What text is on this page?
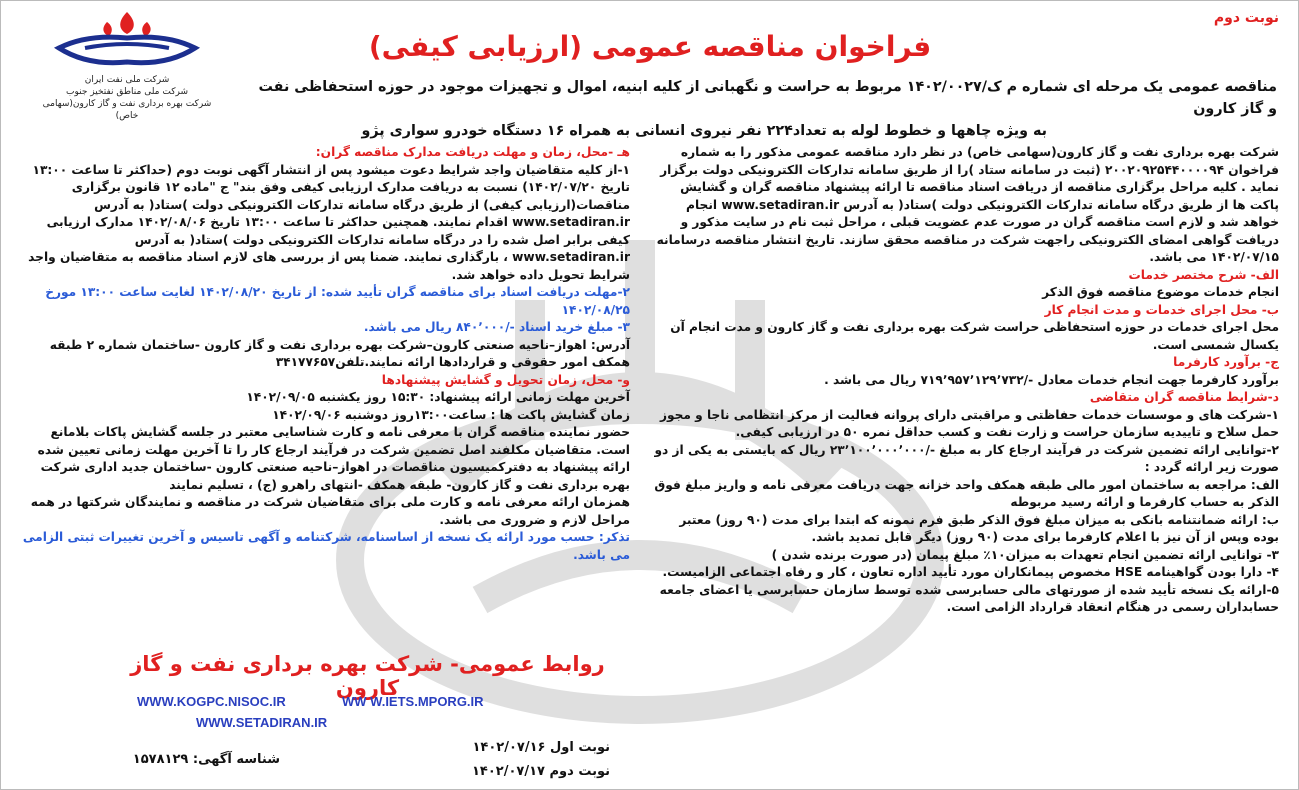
نوبت دوم
فراخوان مناقصه عمومی (ارزیابی کیفی)
شرکت ملی نفت ایران
شرکت ملی مناطق نفتخیز جنوب
شرکت بهره برداری نفت و گاز کارون(سهامی خاص)
مناقصه عمومی یک مرحله ای شماره م ک/۱۴۰۲/۰۰۲۷ مربوط به حراست و نگهبانی از کلیه ابنیه، اموال و تجهیزات موجود در حوزه استحفاظی نفت و گاز کارون
به ویژه چاهها و خطوط لوله به تعداد۲۲۴ نفر نیروی انسانی به همراه ۱۶ دستگاه خودرو سواری پژو

شرکت بهره برداری نفت و گاز کارون(سهامی خاص) در نظر دارد مناقصه عمومی مذکور را به شماره فراخوان ۲۰۰۲۰۹۲۵۴۴۰۰۰۰۹۴ (ثبت در سامانه ستاد )را از طریق سامانه تدارکات الکترونیکی دولت برگزار نماید . کلیه مراحل برگزاری مناقصه از دریافت اسناد مناقصه تا ارائه پیشنهاد مناقصه گران و گشایش پاکت ها از طریق درگاه سامانه تدارکات الکترونیکی دولت )ستاد( به آدرس www.setadiran.ir انجام خواهد شد و لازم است مناقصه گران در صورت عدم عضویت قبلی ، مراحل ثبت نام در سایت مذکور و دریافت گواهی امضای الکترونیکی راجهت شرکت در مناقصه محقق سازند. تاریخ انتشار مناقصه درسامانه ۱۴۰۲/۰۷/۱۵ می باشد.

الف- شرح مختصر خدمات

انجام خدمات موضوع مناقصه فوق الذکر

ب- محل اجرای خدمات و مدت انجام کار

محل اجرای خدمات در حوزه استحفاظی حراست شرکت بهره برداری نفت و گاز کارون و مدت انجام آن یکسال شمسی است.

ج- برآورد کارفرما

برآورد کارفرما جهت انجام خدمات معادل -/۷۱۹٬۹۵۷٬۱۲۹٬۷۳۲ ریال می باشد .

د-شرایط مناقصه گران متقاضی

۱-شرکت های و موسسات خدمات حفاظتی و مراقبتی دارای پروانه فعالیت از مرکز انتظامی ناجا و مجوز حمل سلاح و تاییدیه سازمان حراست و زارت نفت و کسب حداقل نمره ۵۰ در ارزیابی کیفی.

۲-توانایی ارائه تضمین شرکت در فرآیند ارجاع کار به مبلغ -/۲۳٬۱۰۰٬۰۰۰٬۰۰۰ ریال که بایستی به یکی از دو صورت زیر ارائه گردد :

الف: مراجعه به ساختمان امور مالی طبقه همکف واحد خزانه جهت دریافت معرفی نامه و واریز مبلغ فوق الذکر به حساب کارفرما و ارائه رسید مربوطه

ب: ارائه ضمانتنامه بانکی به میزان مبلغ فوق الذکر طبق فرم نمونه که ابتدا برای مدت (۹۰ روز) معتبر بوده وپس از آن نیز با اعلام کارفرما برای مدت (۹۰ روز) دیگر قابل تمدید باشد.

۳- توانایی ارائه تضمین انجام تعهدات به میزان۱۰٪ مبلغ پیمان (در صورت برنده شدن )

۴- دارا بودن گواهینامه HSE مخصوص پیمانکاران مورد تأیید اداره تعاون ، کار و رفاه اجتماعی الزامیست.

۵-ارائه یک نسخه تأیید شده از صورتهای مالی حسابرسی شده توسط سازمان حسابرسی یا اعضای جامعه حسابداران رسمی در هنگام انعقاد قرارداد الزامی است.

هـ -محل، زمان و مهلت دریافت مدارک مناقصه گران:

۱-از کلیه متقاضیان واجد شرایط دعوت میشود پس از انتشار آگهی نوبت دوم (حداکثر تا ساعت ۱۳:۰۰ تاریخ ۱۴۰۲/۰۷/۲۰) نسبت به دریافت مدارک ارزیابی کیفی وفق بند" ج "ماده ۱۲ قانون برگزاری مناقصات(ارزیابی کیفی) از طریق درگاه سامانه تدارکات الکترونیکی دولت )ستاد( به آدرس www.setadiran.ir اقدام نمایند. همچنین حداکثر تا ساعت ۱۳:۰۰ تاریخ ۱۴۰۲/۰۸/۰۶ مدارک ارزیابی کیفی برابر اصل شده را در درگاه سامانه تدارکات الکترونیکی دولت )ستاد( به آدرس www.setadiran.ir ، بارگذاری نمایند. ضمنا پس از بررسی های لازم اسناد مناقصه به متقاضیان واجد شرایط تحویل داده خواهد شد.

۲-مهلت دریافت اسناد برای مناقصه گران تأیید شده: از تاریخ ۱۴۰۲/۰۸/۲۰ لغایت ساعت ۱۳:۰۰ مورخ ۱۴۰۲/۰۸/۲۵

۳- مبلغ خرید اسناد -/۸۴۰٬۰۰۰ ریال می باشد.

آدرس: اهواز–ناحیه صنعتی کارون–شرکت بهره برداری نفت و گاز کارون -ساختمان شماره ۲ طبقه همکف امور حقوقی و قراردادها ارائه نمایند.تلفن۳۴۱۷۷۶۵۷

و- محل، زمان تحویل و گشایش پیشنهادها

آخرین مهلت زمانی ارائه پیشنهاد: ۱۵:۳۰ روز یکشنبه ۱۴۰۲/۰۹/۰۵

زمان گشایش پاکت ها : ساعت۱۳:۰۰روز دوشنبه ۱۴۰۲/۰۹/۰۶

حضور نماینده مناقصه گران با معرفی نامه و کارت شناسایی معتبر در جلسه گشایش پاکات بلامانع است. متقاضیان مکلفند اصل تضمین شرکت در فرآیند ارجاع کار را تا آخرین مهلت زمانی تعیین شده ارائه پیشنهاد به دفترکمیسیون مناقصات در اهواز–ناحیه صنعتی کارون -ساختمان جدید اداری شرکت بهره برداری نفت و گاز کارون- طبقه همکف -انتهای راهرو (ج) ، تسلیم نمایند

همزمان ارائه معرفی نامه و کارت ملی برای متقاضیان شرکت در مناقصه و نمایندگان شرکتها در همه مراحل لازم و ضروری می باشد.

تذکر: حسب مورد ارائه یک نسخه از اساسنامه، شرکتنامه و آگهی تاسیس و آخرین تغییرات ثبتی الزامی می باشد.

روابط عمومی- شرکت بهره برداری نفت و گاز کارون
WWW.KOGPC.NISOC.IR	WW W.IETS.MPORG.IR
WWW.SETADIRAN.IR
نوبت اول ۱۴۰۲/۰۷/۱۶
نوبت دوم ۱۴۰۲/۰۷/۱۷
شناسه آگهی: ۱۵۷۸۱۲۹
